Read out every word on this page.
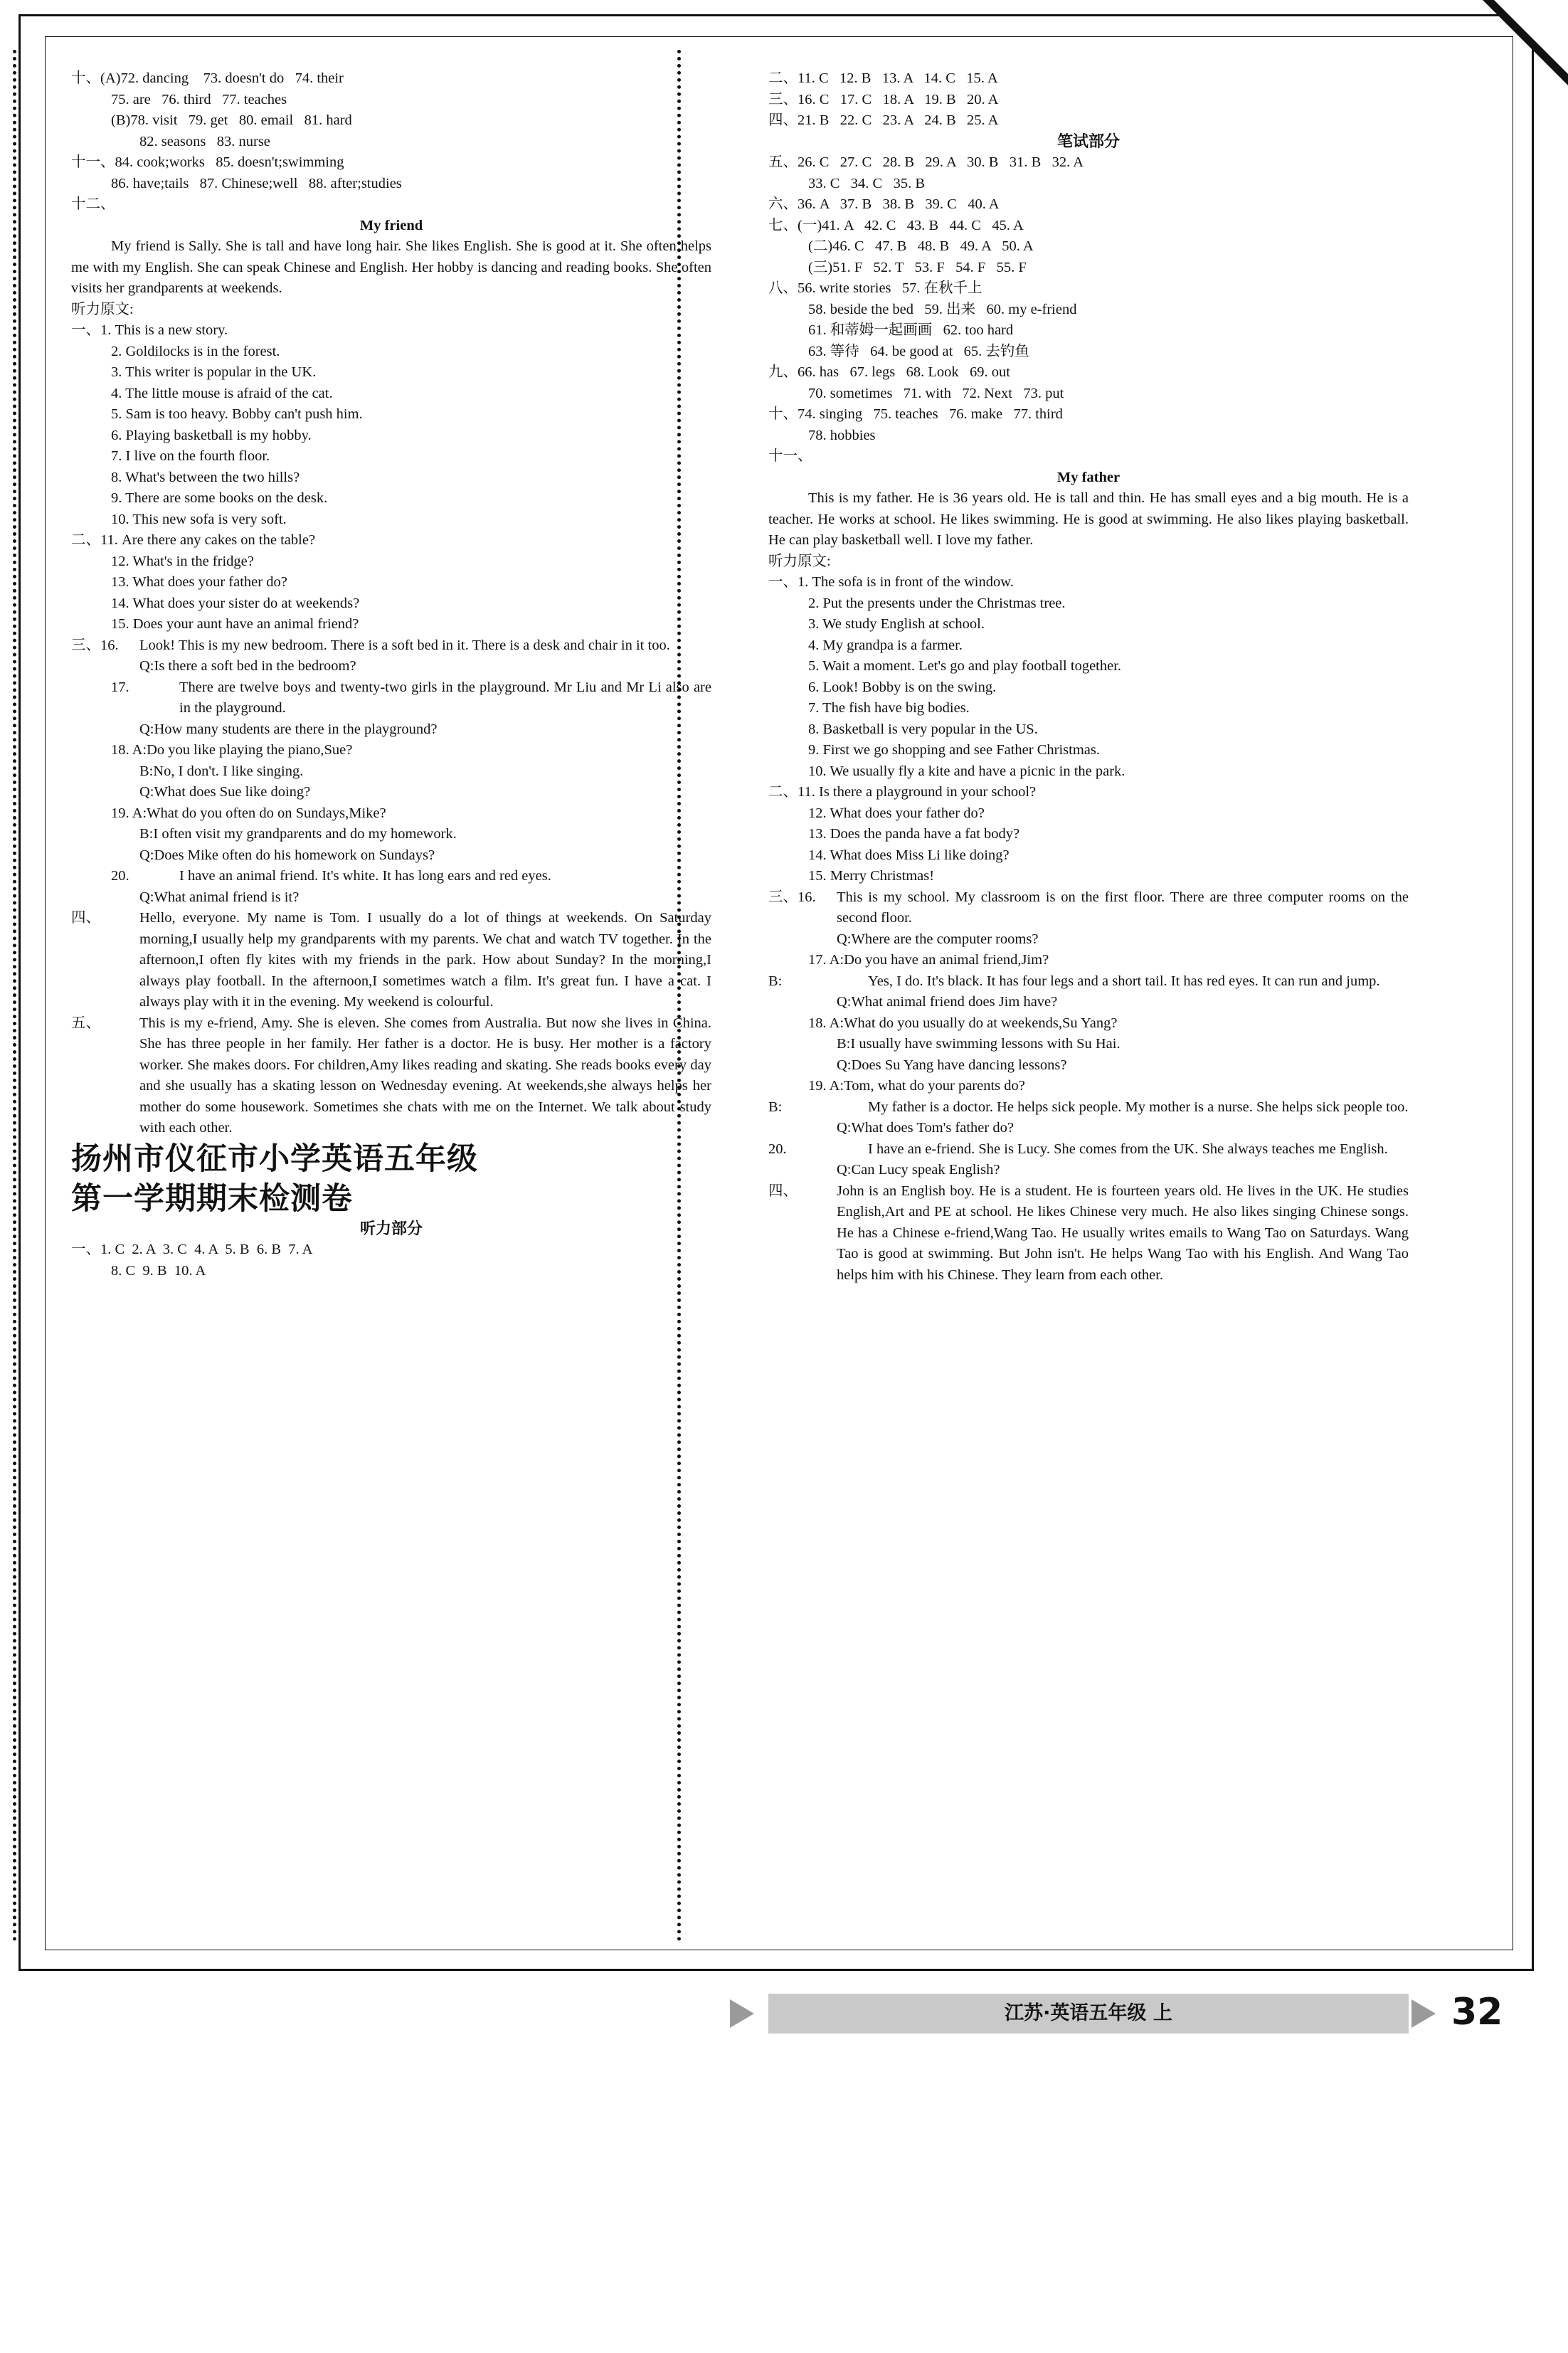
十、(A)72. dancing    73. doesn't do   74. their
75. are   76. third   77. teaches
(B)78. visit   79. get   80. email   81. hard
82. seasons   83. nurse
十一、84. cook;works   85. doesn't;swimming
86. have;tails   87. Chinese;well   88. after;studies
十二、
My friend
My friend is Sally. She is tall and have long hair. She likes English. She is good at it. She often helps me with my English. She can speak Chinese and English. Her hobby is dancing and reading books. She often visits her grandparents at weekends.
听力原文:
一、1. This is a new story.
2. Goldilocks is in the forest.
3. This writer is popular in the UK.
4. The little mouse is afraid of the cat.
5. Sam is too heavy. Bobby can't push him.
6. Playing basketball is my hobby.
7. I live on the fourth floor.
8. What's between the two hills?
9. There are some books on the desk.
10. This new sofa is very soft.
二、11. Are there any cakes on the table?
12. What's in the fridge?
13. What does your father do?
14. What does your sister do at weekends?
15. Does your aunt have an animal friend?
三、16.	Look! This is my new bedroom. There is a soft bed in it. There is a desk and chair in it too.
Q:Is there a soft bed in the bedroom?
17.	There are twelve boys and twenty-two girls in the playground. Mr Liu and Mr Li also are in the playground.
Q:How many students are there in the playground?
18. A:Do you like playing the piano,Sue?
B:No, I don't. I like singing.
Q:What does Sue like doing?
19. A:What do you often do on Sundays,Mike?
B:I often visit my grandparents and do my homework.
Q:Does Mike often do his homework on Sundays?
20.	I have an animal friend. It's white. It has long ears and red eyes.
Q:What animal friend is it?
四、	Hello, everyone. My name is Tom. I usually do a lot of things at weekends. On Saturday morning,I usually help my grandparents with my parents. We chat and watch TV together. In the afternoon,I often fly kites with my friends in the park. How about Sunday? In the morning,I always play football. In the afternoon,I sometimes watch a film. It's great fun. I have a cat. I always play with it in the evening. My weekend is colourful.
五、	This is my e-friend, Amy. She is eleven. She comes from Australia. But now she lives in China. She has three people in her family. Her father is a doctor. He is busy. Her mother is a factory worker. She makes doors. For children,Amy likes reading and skating. She reads books every day and she usually has a skating lesson on Wednesday evening. At weekends,she always helps her mother do some housework. Sometimes she chats with me on the Internet. We talk about study with each other.
扬州市仪征市小学英语五年级
第一学期期末检测卷
听力部分
一、1. C  2. A  3. C  4. A  5. B  6. B  7. A
8. C  9. B  10. A
二、11. C   12. B   13. A   14. C   15. A
三、16. C   17. C   18. A   19. B   20. A
四、21. B   22. C   23. A   24. B   25. A
笔试部分
五、26. C   27. C   28. B   29. A   30. B   31. B   32. A
33. C   34. C   35. B
六、36. A   37. B   38. B   39. C   40. A
七、(一)41. A   42. C   43. B   44. C   45. A
(二)46. C   47. B   48. B   49. A   50. A
(三)51. F   52. T   53. F   54. F   55. F
八、56. write stories   57. 在秋千上
58. beside the bed   59. 出来   60. my e-friend
61. 和蒂姆一起画画   62. too hard
63. 等待   64. be good at   65. 去钓鱼
九、66. has   67. legs   68. Look   69. out
70. sometimes   71. with   72. Next   73. put
十、74. singing   75. teaches   76. make   77. third
78. hobbies
十一、
My father
This is my father. He is 36 years old. He is tall and thin. He has small eyes and a big mouth. He is a teacher. He works at school. He likes swimming. He is good at swimming. He also likes playing basketball. He can play basketball well. I love my father.
听力原文:
一、1. The sofa is in front of the window.
2. Put the presents under the Christmas tree.
3. We study English at school.
4. My grandpa is a farmer.
5. Wait a moment. Let's go and play football together.
6. Look! Bobby is on the swing.
7. The fish have big bodies.
8. Basketball is very popular in the US.
9. First we go shopping and see Father Christmas.
10. We usually fly a kite and have a picnic in the park.
二、11. Is there a playground in your school?
12. What does your father do?
13. Does the panda have a fat body?
14. What does Miss Li like doing?
15. Merry Christmas!
三、16.	This is my school. My classroom is on the first floor. There are three computer rooms on the second floor.
Q:Where are the computer rooms?
17. A:Do you have an animal friend,Jim?
B:	Yes, I do. It's black. It has four legs and a short tail. It has red eyes. It can run and jump.
Q:What animal friend does Jim have?
18. A:What do you usually do at weekends,Su Yang?
B:I usually have swimming lessons with Su Hai.
Q:Does Su Yang have dancing lessons?
19. A:Tom, what do your parents do?
B:	My father is a doctor. He helps sick people. My mother is a nurse. She helps sick people too.
Q:What does Tom's father do?
20.	I have an e-friend. She is Lucy. She comes from the UK. She always teaches me English.
Q:Can Lucy speak English?
四、	John is an English boy. He is a student. He is fourteen years old. He lives in the UK. He studies English,Art and PE at school. He likes Chinese very much. He also likes singing Chinese songs. He has a Chinese e-friend,Wang Tao. He usually writes emails to Wang Tao on Saturdays. Wang Tao is good at swimming. But John isn't. He helps Wang Tao with his English. And Wang Tao helps him with his Chinese. They learn from each other.
江苏·英语五年级 上	32
